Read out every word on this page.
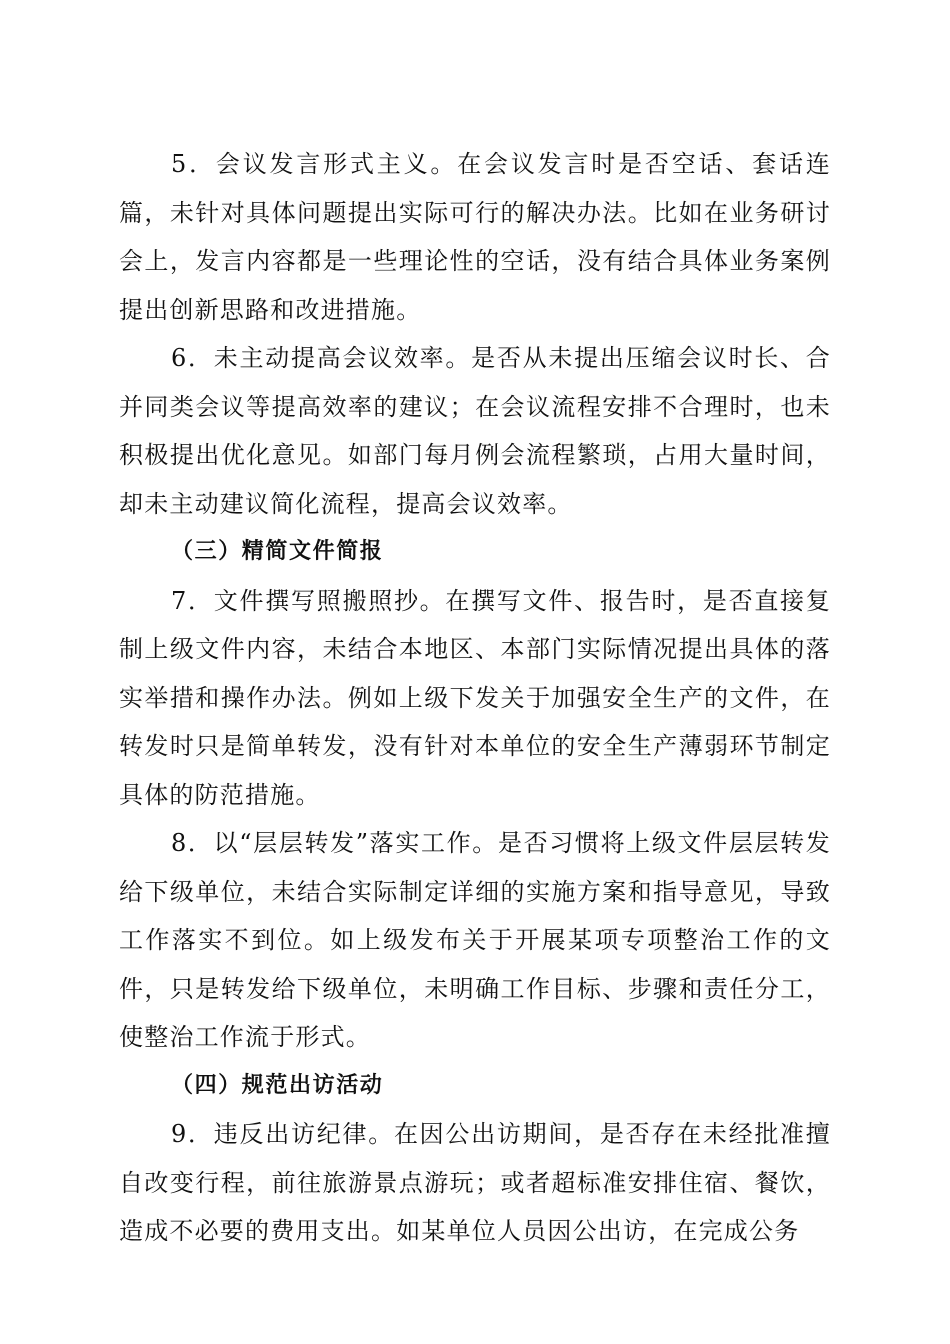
5．会议发言形式主义。在会议发言时是否空话、套话连篇，未针对具体问题提出实际可行的解决办法。比如在业务研讨会上，发言内容都是一些理论性的空话，没有结合具体业务案例提出创新思路和改进措施。

6．未主动提高会议效率。是否从未提出压缩会议时长、合并同类会议等提高效率的建议；在会议流程安排不合理时，也未积极提出优化意见。如部门每月例会流程繁琐，占用大量时间，却未主动建议简化流程，提高会议效率。

（三）精简文件简报

7．文件撰写照搬照抄。在撰写文件、报告时，是否直接复制上级文件内容，未结合本地区、本部门实际情况提出具体的落实举措和操作办法。例如上级下发关于加强安全生产的文件，在转发时只是简单转发，没有针对本单位的安全生产薄弱环节制定具体的防范措施。

8．以“层层转发”落实工作。是否习惯将上级文件层层转发给下级单位，未结合实际制定详细的实施方案和指导意见，导致工作落实不到位。如上级发布关于开展某项专项整治工作的文件，只是转发给下级单位，未明确工作目标、步骤和责任分工，使整治工作流于形式。

（四）规范出访活动

9．违反出访纪律。在因公出访期间，是否存在未经批准擅自改变行程，前往旅游景点游玩；或者超标准安排住宿、餐饮，造成不必要的费用支出。如某单位人员因公出访，在完成公务
